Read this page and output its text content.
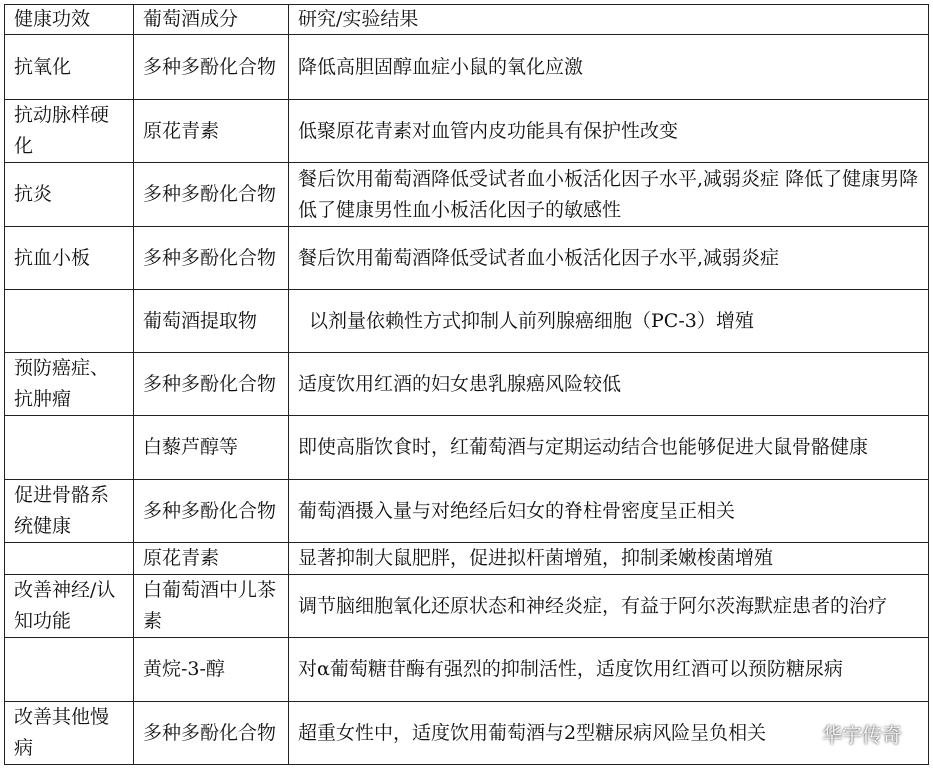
健康功效	葡萄酒成分	研究/实验结果
抗氧化	多种多酚化合物	降低高胆固醇血症小鼠的氧化应激
抗动脉样硬化	原花青素	低聚原花青素对血管内皮功能具有保护性改变
抗炎	多种多酚化合物	餐后饮用葡萄酒降低受试者血小板活化因子水平,减弱炎症 降低了健康男降低了健康男性血小板活化因子的敏感性
抗血小板	多种多酚化合物	餐后饮用葡萄酒降低受试者血小板活化因子水平,减弱炎症
	葡萄酒提取物	以剂量依赖性方式抑制人前列腺癌细胞（PC-3）增殖
预防癌症、抗肿瘤	多种多酚化合物	适度饮用红酒的妇女患乳腺癌风险较低
	白藜芦醇等	即使高脂饮食时，红葡萄酒与定期运动结合也能够促进大鼠骨骼健康
促进骨骼系统健康	多种多酚化合物	葡萄酒摄入量与对绝经后妇女的脊柱骨密度呈正相关
	原花青素	显著抑制大鼠肥胖，促进拟杆菌增殖，抑制柔嫩梭菌增殖
改善神经/认知功能	白葡萄酒中儿茶素	调节脑细胞氧化还原状态和神经炎症，有益于阿尔茨海默症患者的治疗
	黄烷-3-醇	对α葡萄糖苷酶有强烈的抑制活性，适度饮用红酒可以预防糖尿病
改善其他慢病	多种多酚化合物	超重女性中，适度饮用葡萄酒与2型糖尿病风险呈负相关	华宇传奇
